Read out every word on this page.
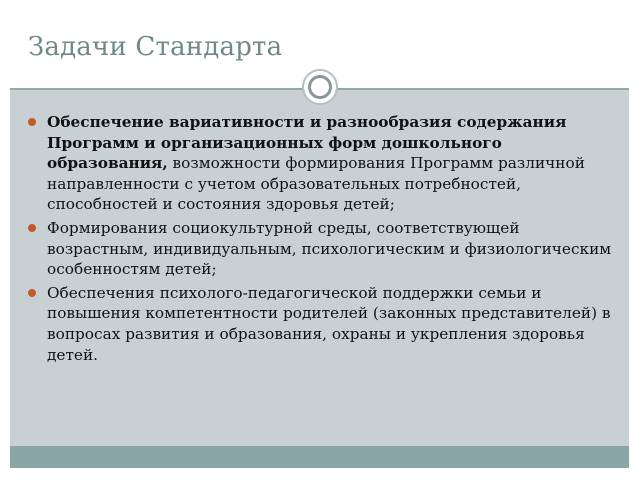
Задачи Стандарта
Обеспечение вариативности и разнообразия содержания Программ и организационных форм дошкольного образования, возможности формирования Программ различной направленности с учетом образовательных потребностей, способностей и состояния здоровья детей;
Формирования социокультурной среды, соответствующей возрастным, индивидуальным, психологическим и физиологическим особенностям детей;
Обеспечения психолого-педагогической поддержки семьи и повышения компетентности родителей (законных представителей) в вопросах развития и образования, охраны и укрепления здоровья детей.
